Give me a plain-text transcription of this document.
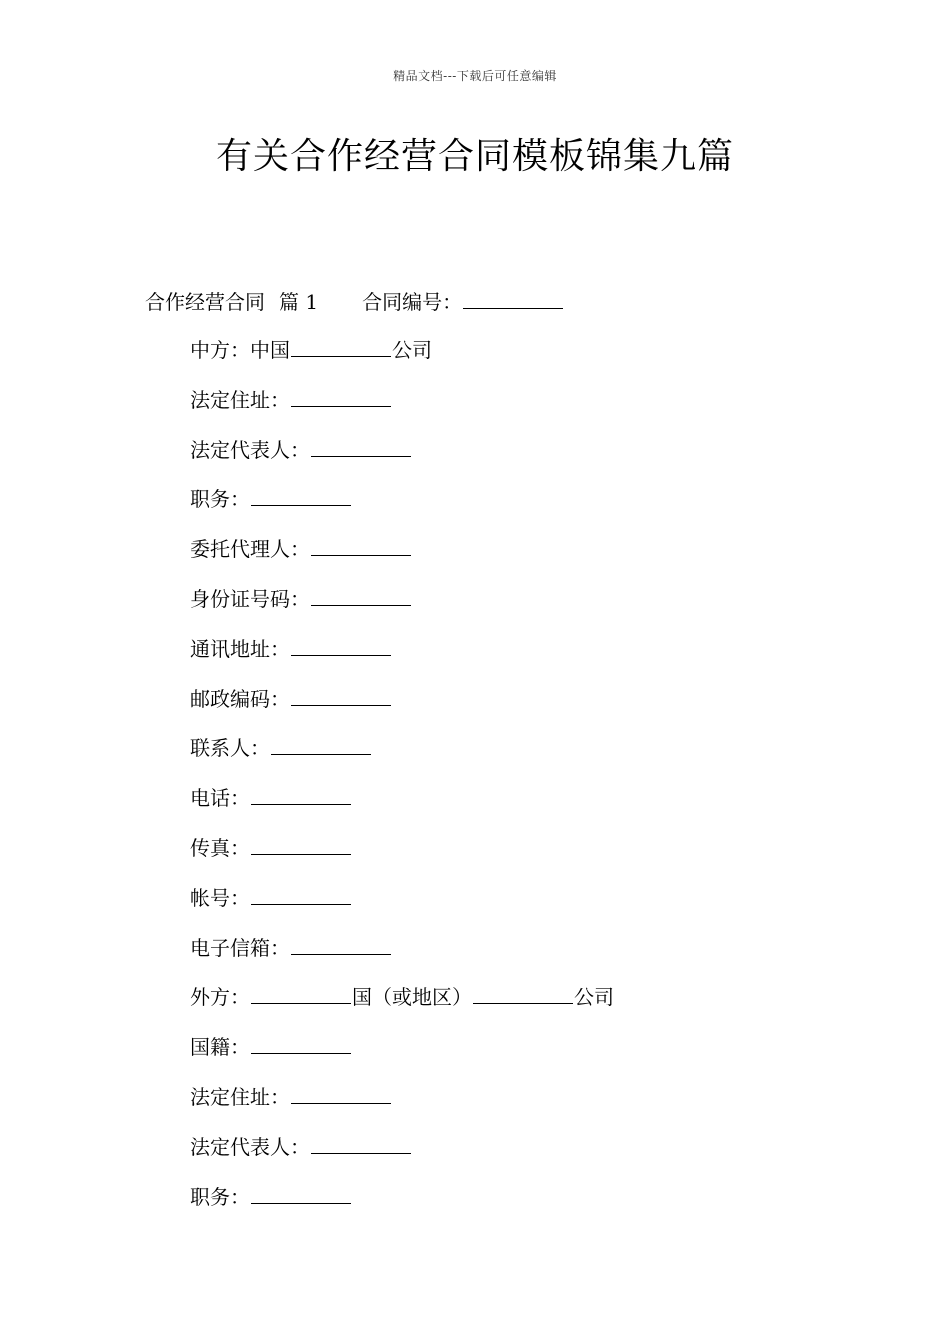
精品文档---下载后可任意编辑
有关合作经营合同模板锦集九篇
合作经营合同 篇 1 合同编号：
中方：中国	公司
法定住址：
法定代表人：
职务：
委托代理人：
身份证号码：
通讯地址：
邮政编码：
联系人：
电话：
传真：
帐号：
电子信箱：
外方：	国（或地区）	公司
国籍：
法定住址：
法定代表人：
职务：
